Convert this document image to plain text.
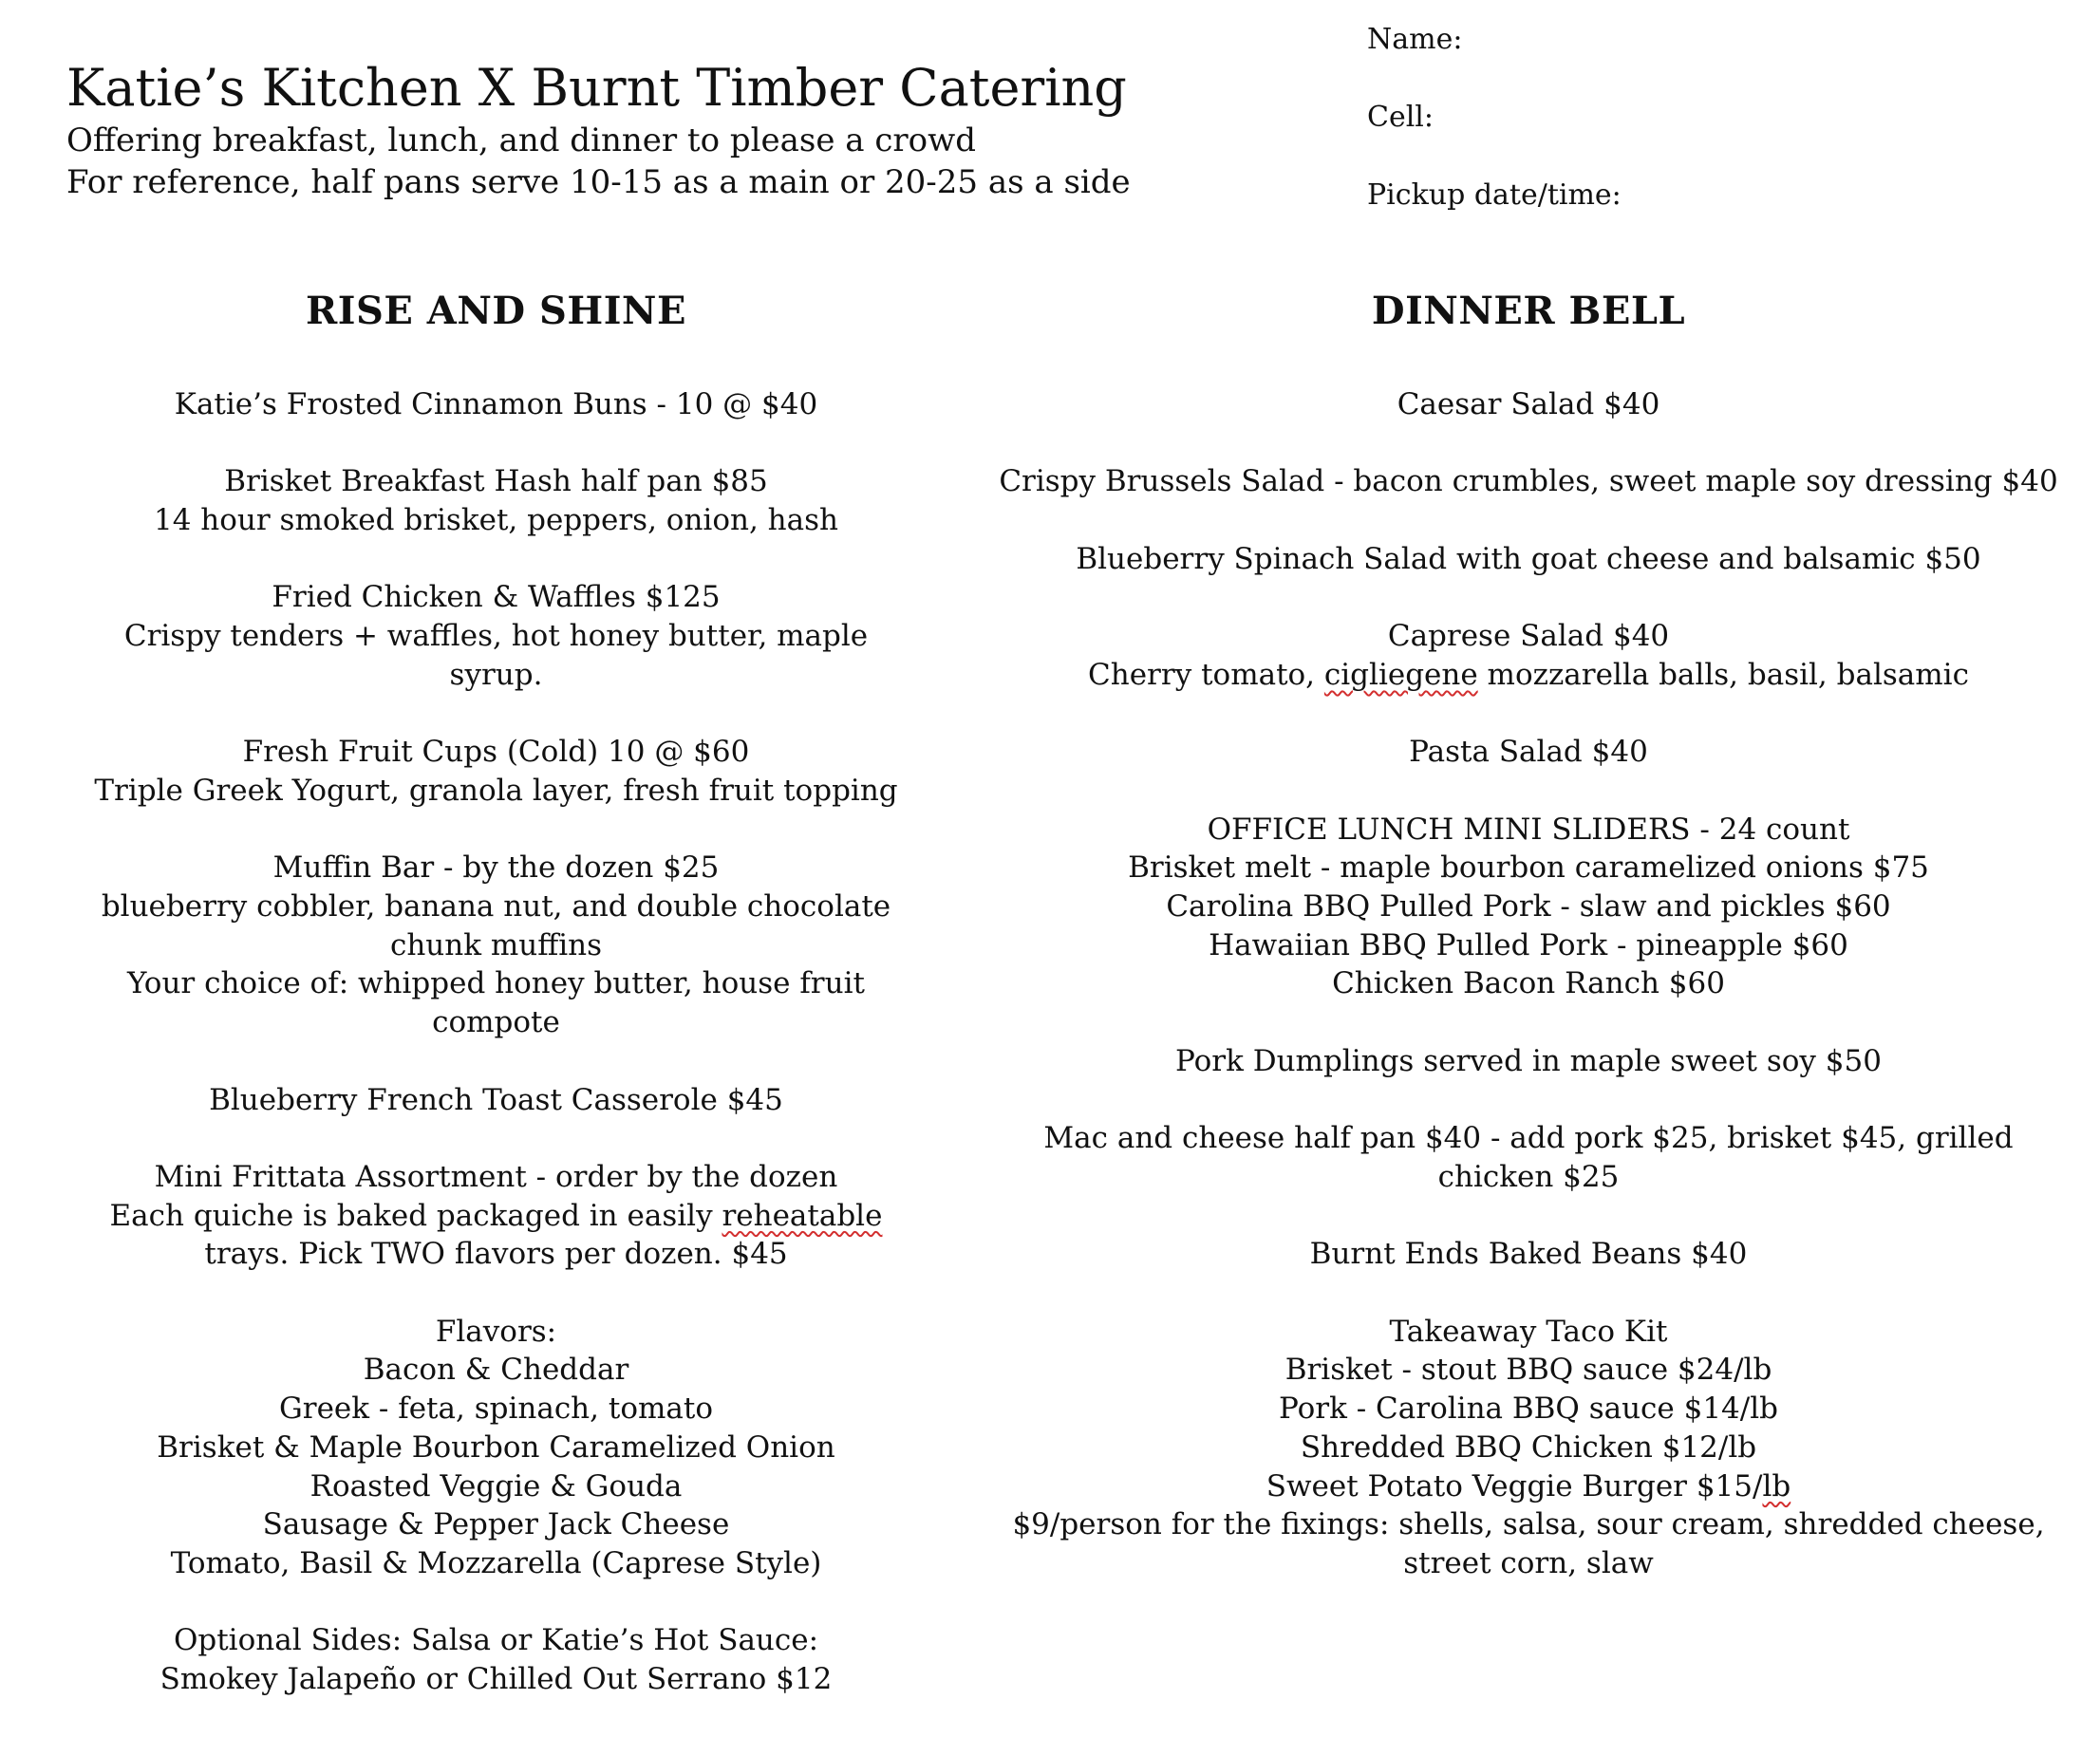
Katie’s Kitchen X Burnt Timber Catering

Offering breakfast, lunch, and dinner to please a crowd

For reference, half pans serve 10-15 as a main or 20-25 as a side

Name:
Cell:
Pickup date/time:
RISE AND SHINE
Katie’s Frosted Cinnamon Buns - 10 @ $40
Brisket Breakfast Hash half pan $85
14 hour smoked brisket, peppers, onion, hash
Fried Chicken & Waffles $125
Crispy tenders + waffles, hot honey butter, maple
syrup.
Fresh Fruit Cups (Cold) 10 @ $60
Triple Greek Yogurt, granola layer, fresh fruit topping
Muffin Bar - by the dozen $25
blueberry cobbler, banana nut, and double chocolate
chunk muffins
Your choice of: whipped honey butter, house fruit
compote
Blueberry French Toast Casserole $45
Mini Frittata Assortment - order by the dozen
Each quiche is baked packaged in easily reheatable
trays. Pick TWO flavors per dozen. $45
Flavors:
Bacon & Cheddar
Greek - feta, spinach, tomato
Brisket & Maple Bourbon Caramelized Onion
Roasted Veggie & Gouda
Sausage & Pepper Jack Cheese
Tomato, Basil & Mozzarella (Caprese Style)
Optional Sides: Salsa or Katie’s Hot Sauce:
Smokey Jalapeño or Chilled Out Serrano $12
DINNER BELL
Caesar Salad $40
Crispy Brussels Salad - bacon crumbles, sweet maple soy dressing $40
Blueberry Spinach Salad with goat cheese and balsamic $50
Caprese Salad $40
Cherry tomato, cigliegene mozzarella balls, basil, balsamic
Pasta Salad $40
OFFICE LUNCH MINI SLIDERS - 24 count
Brisket melt - maple bourbon caramelized onions $75
Carolina BBQ Pulled Pork - slaw and pickles $60
Hawaiian BBQ Pulled Pork - pineapple $60
Chicken Bacon Ranch $60
Pork Dumplings served in maple sweet soy $50
Mac and cheese half pan $40 - add pork $25, brisket $45, grilled
chicken $25
Burnt Ends Baked Beans $40
Takeaway Taco Kit
Brisket - stout BBQ sauce $24/lb
Pork - Carolina BBQ sauce $14/lb
Shredded BBQ Chicken $12/lb
Sweet Potato Veggie Burger $15/lb
$9/person for the fixings: shells, salsa, sour cream, shredded cheese,
street corn, slaw
